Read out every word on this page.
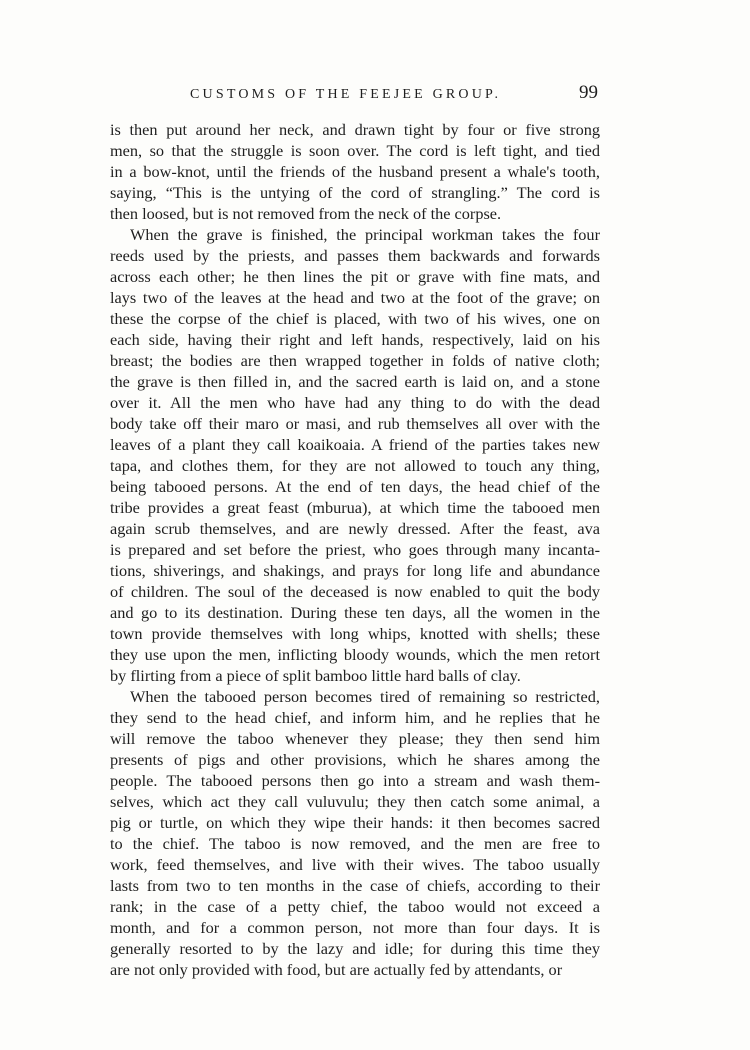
CUSTOMS OF THE FEEJEE GROUP.	99
is then put around her neck, and drawn tight by four or five strong
men, so that the struggle is soon over. The cord is left tight, and tied
in a bow-knot, until the friends of the husband present a whale's tooth,
saying, “This is the untying of the cord of strangling.” The cord is
then loosed, but is not removed from the neck of the corpse.
When the grave is finished, the principal workman takes the four
reeds used by the priests, and passes them backwards and forwards
across each other; he then lines the pit or grave with fine mats, and
lays two of the leaves at the head and two at the foot of the grave; on
these the corpse of the chief is placed, with two of his wives, one on
each side, having their right and left hands, respectively, laid on his
breast; the bodies are then wrapped together in folds of native cloth;
the grave is then filled in, and the sacred earth is laid on, and a stone
over it. All the men who have had any thing to do with the dead
body take off their maro or masi, and rub themselves all over with the
leaves of a plant they call koaikoaia. A friend of the parties takes new
tapa, and clothes them, for they are not allowed to touch any thing,
being tabooed persons. At the end of ten days, the head chief of the
tribe provides a great feast (mburua), at which time the tabooed men
again scrub themselves, and are newly dressed. After the feast, ava
is prepared and set before the priest, who goes through many incanta-
tions, shiverings, and shakings, and prays for long life and abundance
of children. The soul of the deceased is now enabled to quit the body
and go to its destination. During these ten days, all the women in the
town provide themselves with long whips, knotted with shells; these
they use upon the men, inflicting bloody wounds, which the men retort
by flirting from a piece of split bamboo little hard balls of clay.
When the tabooed person becomes tired of remaining so restricted,
they send to the head chief, and inform him, and he replies that he
will remove the taboo whenever they please; they then send him
presents of pigs and other provisions, which he shares among the
people. The tabooed persons then go into a stream and wash them-
selves, which act they call vuluvulu; they then catch some animal, a
pig or turtle, on which they wipe their hands: it then becomes sacred
to the chief. The taboo is now removed, and the men are free to
work, feed themselves, and live with their wives. The taboo usually
lasts from two to ten months in the case of chiefs, according to their
rank; in the case of a petty chief, the taboo would not exceed a
month, and for a common person, not more than four days. It is
generally resorted to by the lazy and idle; for during this time they
are not only provided with food, but are actually fed by attendants, or
